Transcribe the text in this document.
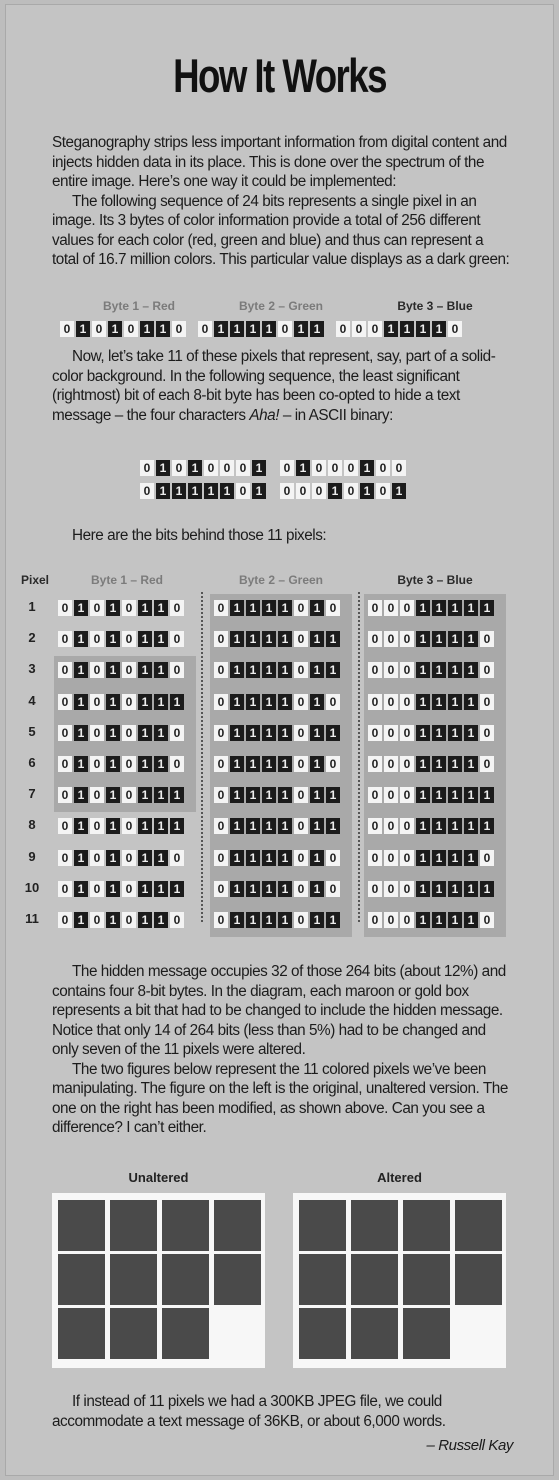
How It Works

Steganography strips less important information from digital content and injects hidden data in its place. This is done over the spectrum of the entire image. Here’s one way it could be implemented:

The following sequence of 24 bits represents a single pixel in an image. Its 3 bytes of color information provide a total of 256 different values for each color (red, green and blue) and thus can represent a total of 16.7 million colors. This particular value displays as a dark green:

Byte 1 – Red	Byte 2 – Green	Byte 3 – Blue
0 1 0 1 0 1 1 0	0 1 1 1 1 0 1 1	0 0 0 1 1 1 1 0

Now, let’s take 11 of these pixels that represent, say, part of a solid-color background. In the following sequence, the least significant (rightmost) bit of each 8-bit byte has been co-opted to hide a text message – the four characters Aha! – in ASCII binary:

0 1 0 1 0 0 0 1	0 1 0 0 0 1 0 0
0 1 1 1 1 1 0 1	0 0 0 1 0 1 0 1

Here are the bits behind those 11 pixels:

Pixel	Byte 1 – Red	Byte 2 – Green	Byte 3 – Blue
1	0 1 0 1 0 1 1 0	0 1 1 1 1 0 1 0	0 0 0 1 1 1 1 1
2	0 1 0 1 0 1 1 0	0 1 1 1 1 0 1 1	0 0 0 1 1 1 1 0
3	0 1 0 1 0 1 1 0	0 1 1 1 1 0 1 1	0 0 0 1 1 1 1 0
4	0 1 0 1 0 1 1 1	0 1 1 1 1 0 1 0	0 0 0 1 1 1 1 0
5	0 1 0 1 0 1 1 0	0 1 1 1 1 0 1 1	0 0 0 1 1 1 1 0
6	0 1 0 1 0 1 1 0	0 1 1 1 1 0 1 0	0 0 0 1 1 1 1 0
7	0 1 0 1 0 1 1 1	0 1 1 1 1 0 1 1	0 0 0 1 1 1 1 1
8	0 1 0 1 0 1 1 1	0 1 1 1 1 0 1 1	0 0 0 1 1 1 1 1
9	0 1 0 1 0 1 1 0	0 1 1 1 1 0 1 0	0 0 0 1 1 1 1 0
10	0 1 0 1 0 1 1 1	0 1 1 1 1 0 1 0	0 0 0 1 1 1 1 1
11	0 1 0 1 0 1 1 0	0 1 1 1 1 0 1 1	0 0 0 1 1 1 1 0

The hidden message occupies 32 of those 264 bits (about 12%) and contains four 8-bit bytes. In the diagram, each maroon or gold box represents a bit that had to be changed to include the hidden message. Notice that only 14 of 264 bits (less than 5%) had to be changed and only seven of the 11 pixels were altered.

The two figures below represent the 11 colored pixels we’ve been manipulating. The figure on the left is the original, unaltered version. The one on the right has been modified, as shown above. Can you see a difference? I can’t either.

Unaltered	Altered

If instead of 11 pixels we had a 300KB JPEG file, we could accommodate a text message of 36KB, or about 6,000 words.

– Russell Kay
